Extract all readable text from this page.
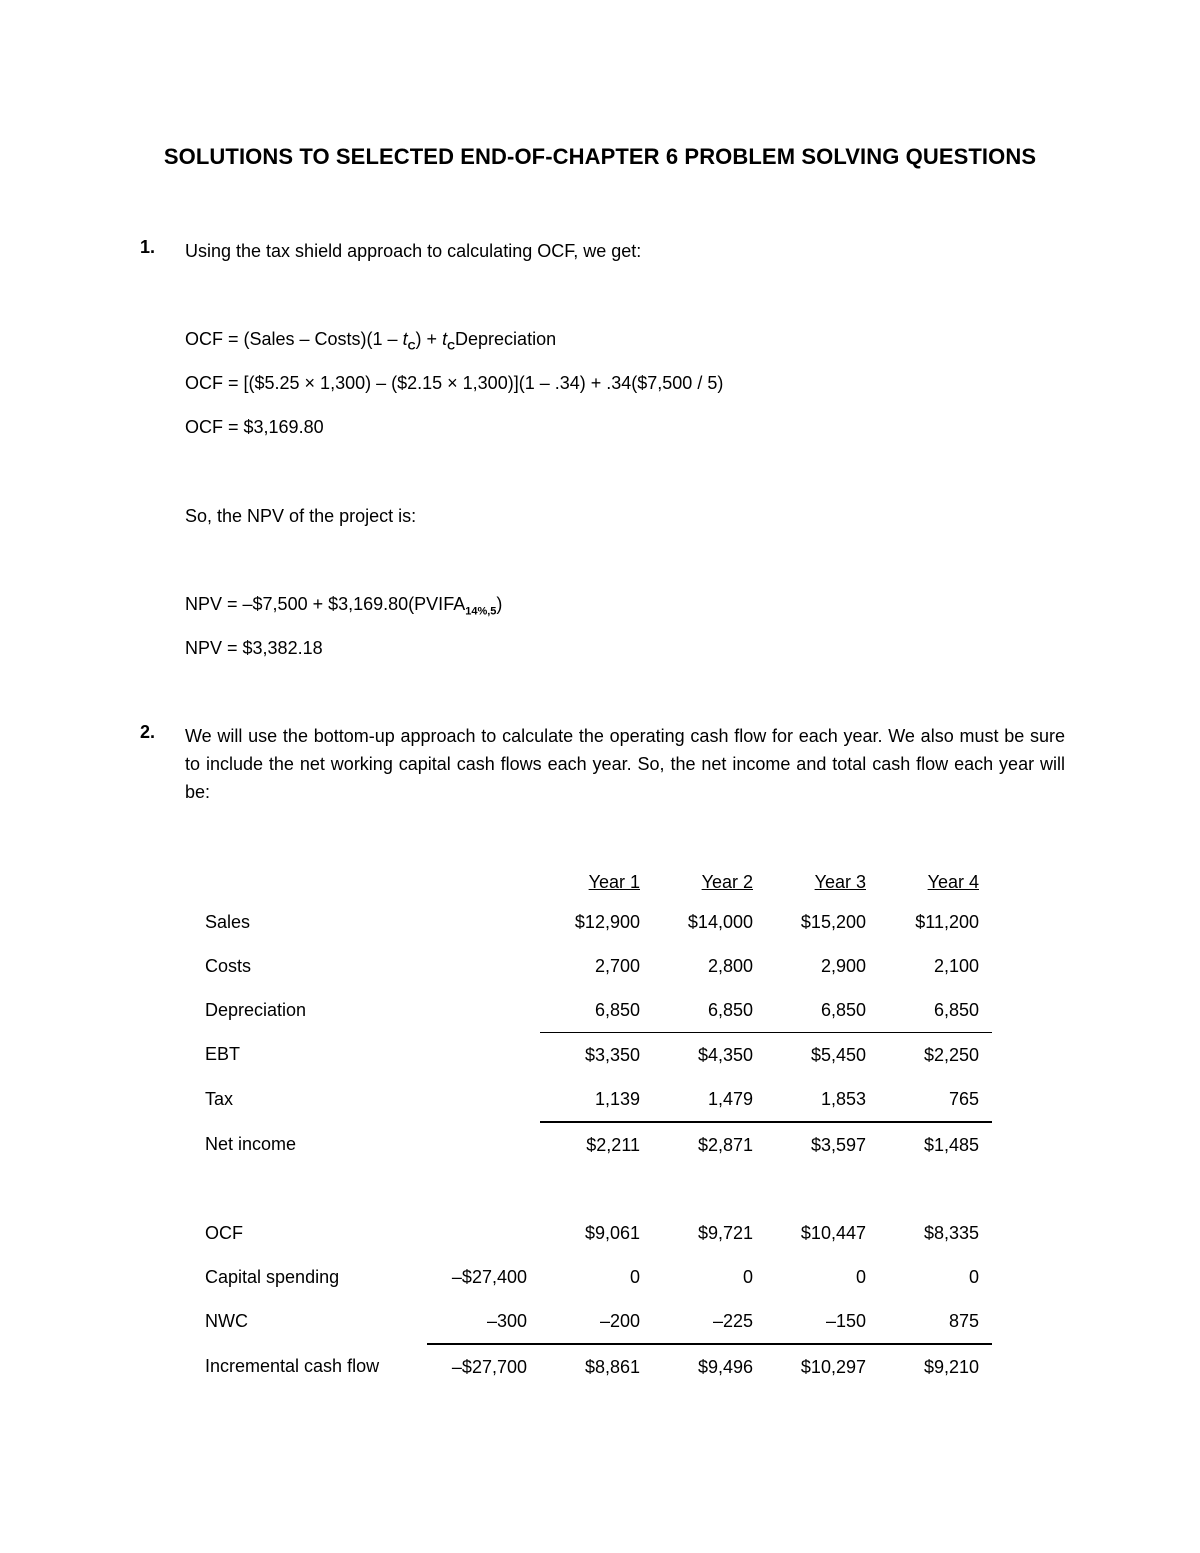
SOLUTIONS TO SELECTED END-OF-CHAPTER 6 PROBLEM SOLVING QUESTIONS
1. Using the tax shield approach to calculating OCF, we get:
OCF = (Sales – Costs)(1 – $t_C$) + $t_CDepreciation$
OCF = [($5.25 × 1,300) – ($2.15 × 1,300)](1 – .34) + .34($7,500 / 5)
OCF = $3,169.80
So, the NPV of the project is:
NPV = –$7,500 + $\$3,169.80(PVIFA_{14\%,5})$
NPV = $3,382.18
2. We will use the bottom-up approach to calculate the operating cash flow for each year. We also must be sure to include the net working capital cash flows each year. So, the net income and total cash flow each year will be:
		Year 1	Year 2	Year 3	Year 4
Sales		$12,900	$14,000	$15,200	$11,200
Costs		2,700	2,800	2,900	2,100
Depreciation		6,850	6,850	6,850	6,850
EBT		$3,350	$4,350	$5,450	$2,250
Tax		1,139	1,479	1,853	765
Net income		$2,211	$2,871	$3,597	$1,485

OCF		$9,061	$9,721	$10,447	$8,335
Capital spending	–$27,400	0	0	0	0
NWC	–300	–200	–225	–150	875
Incremental cash flow	–$27,700	$8,861	$9,496	$10,297	$9,210
